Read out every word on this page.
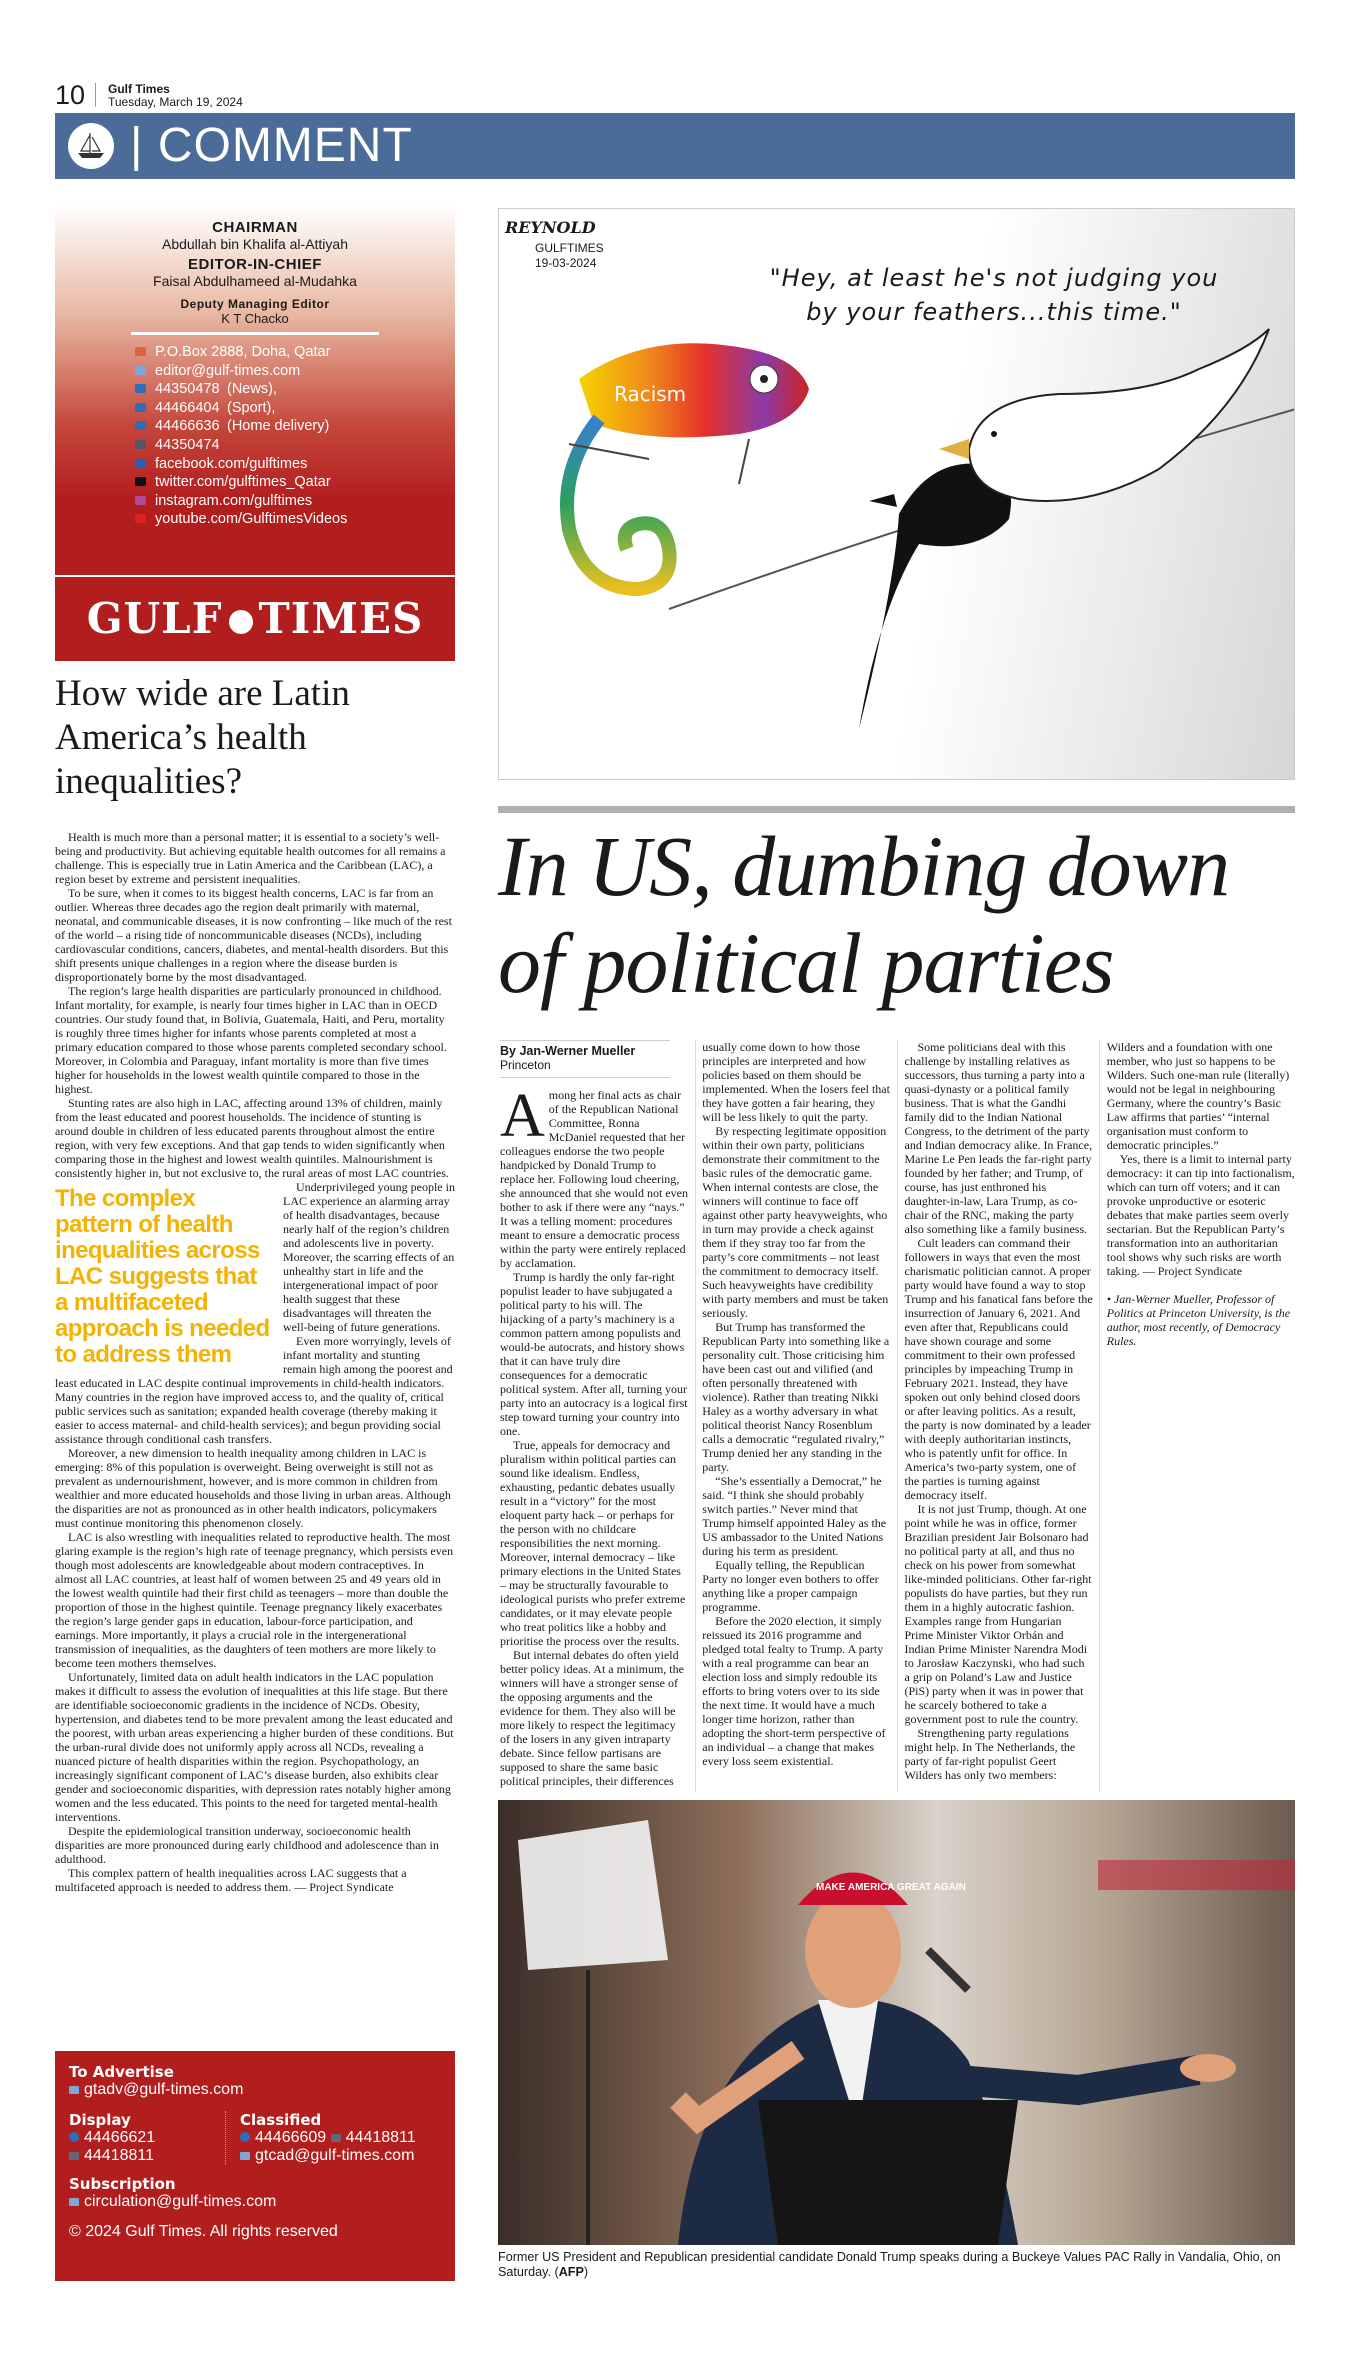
10 Gulf Times
Tuesday, March 19, 2024
| COMMENT
CHAIRMAN
Abdullah bin Khalifa al-Attiyah
EDITOR-IN-CHIEF
Faisal Abdulhameed al-Mudahka
Deputy Managing Editor
K T Chacko
P.O.Box 2888, Doha, Qatar
editor@gulf-times.com
44350478 (News),
44466404 (Sport),
44466636 (Home delivery)
44350474
facebook.com/gulftimes
twitter.com/gulftimes_Qatar
instagram.com/gulftimes
youtube.com/GulftimesVideos
GULF TIMES
How wide are Latin America’s health inequalities?

Health is much more than a personal matter; it is essential to a society’s well-being and productivity. But achieving equitable health outcomes for all remains a challenge. This is especially true in Latin America and the Caribbean (LAC), a region beset by extreme and persistent inequalities.

To be sure, when it comes to its biggest health concerns, LAC is far from an outlier. Whereas three decades ago the region dealt primarily with maternal, neonatal, and communicable diseases, it is now confronting – like much of the rest of the world – a rising tide of noncommunicable diseases (NCDs), including cardiovascular conditions, cancers, diabetes, and mental-health disorders. But this shift presents unique challenges in a region where the disease burden is disproportionately borne by the most disadvantaged.

The region’s large health disparities are particularly pronounced in childhood. Infant mortality, for example, is nearly four times higher in LAC than in OECD countries. Our study found that, in Bolivia, Guatemala, Haiti, and Peru, mortality is roughly three times higher for infants whose parents completed at most a primary education compared to those whose parents completed secondary school. Moreover, in Colombia and Paraguay, infant mortality is more than five times higher for households in the lowest wealth quintile compared to those in the highest.

Stunting rates are also high in LAC, affecting around 13% of children, mainly from the least educated and poorest households. The incidence of stunting is around double in children of less educated parents throughout almost the entire region, with very few exceptions. And that gap tends to widen significantly when comparing those in the highest and lowest wealth quintiles. Malnourishment is consistently higher in, but not exclusive to, the rural areas of most LAC countries.

The complex pattern of health inequalities across LAC suggests that a multifaceted approach is needed to address them

Underprivileged young people in LAC experience an alarming array of health disadvantages, because nearly half of the region’s children and adolescents live in poverty. Moreover, the scarring effects of an unhealthy start in life and the intergenerational impact of poor health suggest that these disadvantages will threaten the well-being of future generations.

Even more worryingly, levels of infant mortality and stunting remain high among the poorest and least educated in LAC despite continual improvements in child-health indicators. Many countries in the region have improved access to, and the quality of, critical public services such as sanitation; expanded health coverage (thereby making it easier to access maternal- and child-health services); and begun providing social assistance through conditional cash transfers.

Moreover, a new dimension to health inequality among children in LAC is emerging: 8% of this population is overweight. Being overweight is still not as prevalent as undernourishment, however, and is more common in children from wealthier and more educated households and those living in urban areas. Although the disparities are not as pronounced as in other health indicators, policymakers must continue monitoring this phenomenon closely.

LAC is also wrestling with inequalities related to reproductive health. The most glaring example is the region’s high rate of teenage pregnancy, which persists even though most adolescents are knowledgeable about modern contraceptives. In almost all LAC countries, at least half of women between 25 and 49 years old in the lowest wealth quintile had their first child as teenagers – more than double the proportion of those in the highest quintile. Teenage pregnancy likely exacerbates the region’s large gender gaps in education, labour-force participation, and earnings. More importantly, it plays a crucial role in the intergenerational transmission of inequalities, as the daughters of teen mothers are more likely to become teen mothers themselves.

Unfortunately, limited data on adult health indicators in the LAC population makes it difficult to assess the evolution of inequalities at this life stage. But there are identifiable socioeconomic gradients in the incidence of NCDs. Obesity, hypertension, and diabetes tend to be more prevalent among the least educated and the poorest, with urban areas experiencing a higher burden of these conditions. But the urban-rural divide does not uniformly apply across all NCDs, revealing a nuanced picture of health disparities within the region. Psychopathology, an increasingly significant component of LAC’s disease burden, also exhibits clear gender and socioeconomic disparities, with depression rates notably higher among women and the less educated. This points to the need for targeted mental-health interventions.

Despite the epidemiological transition underway, socioeconomic health disparities are more pronounced during early childhood and adolescence than in adulthood.

This complex pattern of health inequalities across LAC suggests that a multifaceted approach is needed to address them. — Project Syndicate

To Advertise
gtadv@gulf-times.com
Display
44466621
44418811
Classified
44466609 44418811
gtcad@gulf-times.com
Subscription
circulation@gulf-times.com
© 2024 Gulf Times. All rights reserved
Racism
REYNOLD
GULFTIMES
19-03-2024
"Hey, at least he's not judging you
by your feathers...this time."
In US, dumbing down of political parties
By Jan-Werner Mueller
Princeton

Among her final acts as chair of the Republican National Committee, Ronna McDaniel requested that her colleagues endorse the two people handpicked by Donald Trump to replace her. Following loud cheering, she announced that she would not even bother to ask if there were any “nays.” It was a telling moment: procedures meant to ensure a democratic process within the party were entirely replaced by acclamation.

Trump is hardly the only far-right populist leader to have subjugated a political party to his will. The hijacking of a party’s machinery is a common pattern among populists and would-be autocrats, and history shows that it can have truly dire consequences for a democratic political system. After all, turning your party into an autocracy is a logical first step toward turning your country into one.

True, appeals for democracy and pluralism within political parties can sound like idealism. Endless, exhausting, pedantic debates usually result in a “victory” for the most eloquent party hack – or perhaps for the person with no childcare responsibilities the next morning. Moreover, internal democracy – like primary elections in the United States – may be structurally favourable to ideological purists who prefer extreme candidates, or it may elevate people who treat politics like a hobby and prioritise the process over the results.

But internal debates do often yield better policy ideas. At a minimum, the winners will have a stronger sense of the opposing arguments and the evidence for them. They also will be more likely to respect the legitimacy of the losers in any given intraparty debate. Since fellow partisans are supposed to share the same basic political principles, their differences usually come down to how those principles are interpreted and how policies based on them should be implemented. When the losers feel that they have gotten a fair hearing, they will be less likely to quit the party.

By respecting legitimate opposition within their own party, politicians demonstrate their commitment to the basic rules of the democratic game. When internal contests are close, the winners will continue to face off against other party heavyweights, who in turn may provide a check against them if they stray too far from the party’s core commitments – not least the commitment to democracy itself. Such heavyweights have credibility with party members and must be taken seriously.

But Trump has transformed the Republican Party into something like a personality cult. Those criticising him have been cast out and vilified (and often personally threatened with violence). Rather than treating Nikki Haley as a worthy adversary in what political theorist Nancy Rosenblum calls a democratic “regulated rivalry,” Trump denied her any standing in the party.

“She’s essentially a Democrat,” he said. “I think she should probably switch parties.” Never mind that Trump himself appointed Haley as the US ambassador to the United Nations during his term as president.

Equally telling, the Republican Party no longer even bothers to offer anything like a proper campaign programme.

Before the 2020 election, it simply reissued its 2016 programme and pledged total fealty to Trump. A party with a real programme can bear an election loss and simply redouble its efforts to bring voters over to its side the next time. It would have a much longer time horizon, rather than adopting the short-term perspective of an individual – a change that makes every loss seem existential.

Some politicians deal with this challenge by installing relatives as successors, thus turning a party into a quasi-dynasty or a political family business. That is what the Gandhi family did to the Indian National Congress, to the detriment of the party and Indian democracy alike. In France, Marine Le Pen leads the far-right party founded by her father; and Trump, of course, has just enthroned his daughter-in-law, Lara Trump, as co-chair of the RNC, making the party also something like a family business.

Cult leaders can command their followers in ways that even the most charismatic politician cannot. A proper party would have found a way to stop Trump and his fanatical fans before the insurrection of January 6, 2021. And even after that, Republicans could have shown courage and some commitment to their own professed principles by impeaching Trump in February 2021. Instead, they have spoken out only behind closed doors or after leaving politics. As a result, the party is now dominated by a leader with deeply authoritarian instincts, who is patently unfit for office. In America’s two-party system, one of the parties is turning against democracy itself.

It is not just Trump, though. At one point while he was in office, former Brazilian president Jair Bolsonaro had no political party at all, and thus no check on his power from somewhat like-minded politicians. Other far-right populists do have parties, but they run them in a highly autocratic fashion. Examples range from Hungarian Prime Minister Viktor Orbán and Indian Prime Minister Narendra Modi to Jarosław Kaczynski, who had such a grip on Poland’s Law and Justice (PiS) party when it was in power that he scarcely bothered to take a government post to rule the country.

Strengthening party regulations might help. In The Netherlands, the party of far-right populist Geert Wilders has only two members: Wilders and a foundation with one member, who just so happens to be Wilders. Such one-man rule (literally) would not be legal in neighbouring Germany, where the country’s Basic Law affirms that parties’ “internal organisation must conform to democratic principles.”

Yes, there is a limit to internal party democracy: it can tip into factionalism, which can turn off voters; and it can provoke unproductive or esoteric debates that make parties seem overly sectarian. But the Republican Party’s transformation into an authoritarian tool shows why such risks are worth taking. — Project Syndicate

• Jan-Werner Mueller, Professor of Politics at Princeton University, is the author, most recently, of Democracy Rules.

MAKE AMERICA GREAT AGAIN
Former US President and Republican presidential candidate Donald Trump speaks during a Buckeye Values PAC Rally in Vandalia, Ohio, on Saturday. (AFP)
